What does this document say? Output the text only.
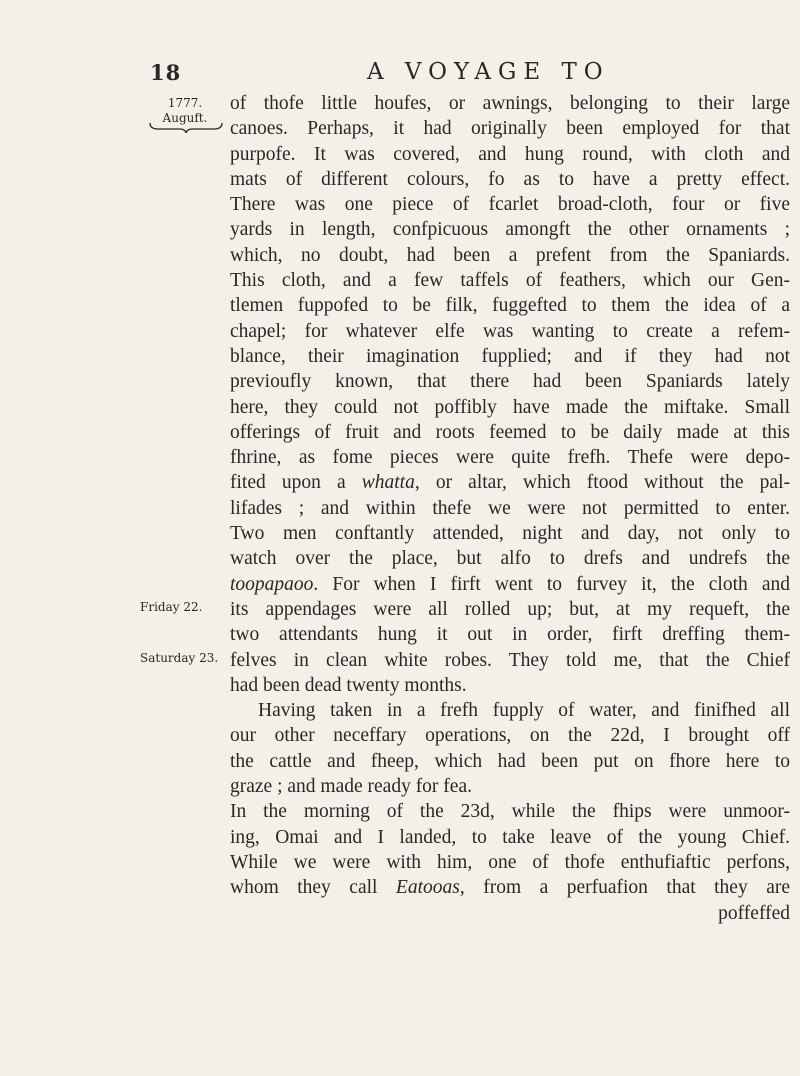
18	A VOYAGE TO
1777.
Auguft.
Friday 22.
Saturday 23.
of thofe little houfes, or awnings, belonging to their large
canoes. Perhaps, it had originally been employed for that
purpofe. It was covered, and hung round, with cloth and
mats of different colours, fo as to have a pretty effect.
There was one piece of fcarlet broad-cloth, four or five
yards in length, confpicuous amongft the other ornaments ;
which, no doubt, had been a prefent from the Spaniards.
This cloth, and a few taffels of feathers, which our Gen-
tlemen fuppofed to be filk, fuggefted to them the idea of a
chapel; for whatever elfe was wanting to create a refem-
blance, their imagination fupplied; and if they had not
previoufly known, that there had been Spaniards lately
here, they could not poffibly have made the miftake. Small
offerings of fruit and roots feemed to be daily made at this
fhrine, as fome pieces were quite frefh. Thefe were depo-
fited upon a whatta, or altar, which ftood without the pal-
lifades ; and within thefe we were not permitted to enter.
Two men conftantly attended, night and day, not only to
watch over the place, but alfo to drefs and undrefs the
toopapaoo. For when I firft went to furvey it, the cloth and
its appendages were all rolled up; but, at my requeft, the
two attendants hung it out in order, firft dreffing them-
felves in clean white robes. They told me, that the Chief
had been dead twenty months.
Having taken in a frefh fupply of water, and finifhed all
our other neceffary operations, on the 22d, I brought off
the cattle and fheep, which had been put on fhore here to
graze ; and made ready for fea.
In the morning of the 23d, while the fhips were unmoor-
ing, Omai and I landed, to take leave of the young Chief.
While we were with him, one of thofe enthufiaftic perfons,
whom they call Eatooas, from a perfuafion that they are
poffeffed
